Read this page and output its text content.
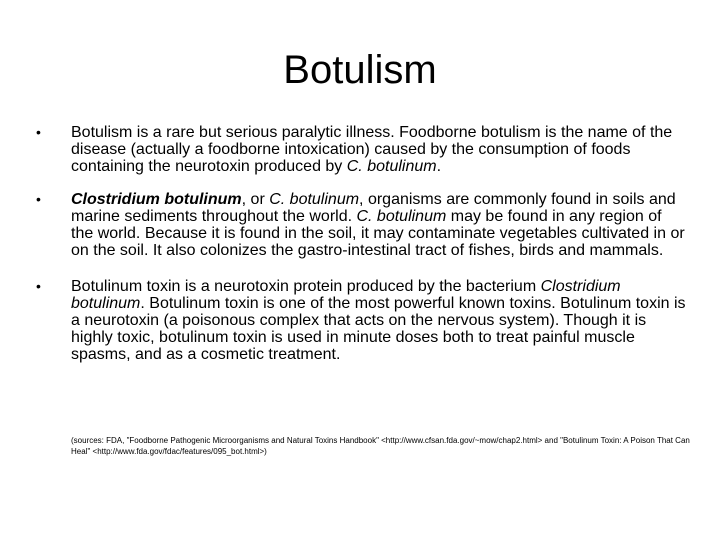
Botulism
• Botulism is a rare but serious paralytic illness. Foodborne botulism is the name of the disease (actually a foodborne intoxication) caused by the consumption of foods containing the neurotoxin produced by C. botulinum.
• Clostridium botulinum, or C. botulinum, organisms are commonly found in soils and marine sediments throughout the world. C. botulinum may be found in any region of the world. Because it is found in the soil, it may contaminate vegetables cultivated in or on the soil. It also colonizes the gastro-intestinal tract of fishes, birds and mammals.
• Botulinum toxin is a neurotoxin protein produced by the bacterium Clostridium botulinum. Botulinum toxin is one of the most powerful known toxins. Botulinum toxin is a neurotoxin (a poisonous complex that acts on the nervous system). Though it is highly toxic, botulinum toxin is used in minute doses both to treat painful muscle spasms, and as a cosmetic treatment.
(sources: FDA, "Foodborne Pathogenic Microorganisms and Natural Toxins Handbook" <http://www.cfsan.fda.gov/~mow/chap2.html> and "Botulinum Toxin: A Poison That Can Heal" <http://www.fda.gov/fdac/features/095_bot.html>)
